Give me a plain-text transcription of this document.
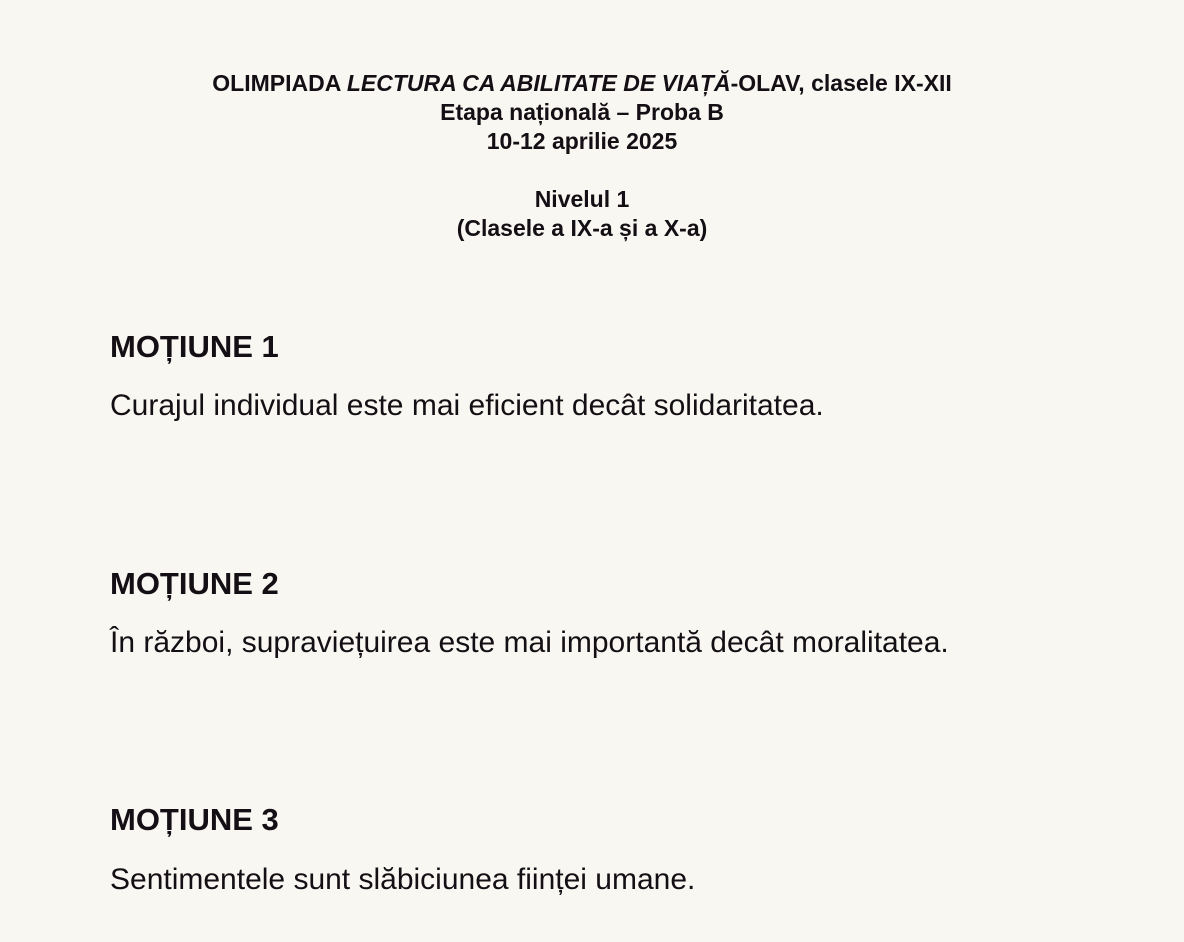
OLIMPIADA LECTURA CA ABILITATE DE VIAȚĂ-OLAV, clasele IX-XII
Etapa națională – Proba B
10-12 aprilie 2025
Nivelul 1
(Clasele a IX-a și a X-a)
MOȚIUNE 1
Curajul individual este mai eficient decât solidaritatea.
MOȚIUNE 2
În război, supraviețuirea este mai importantă decât moralitatea.
MOȚIUNE 3
Sentimentele sunt slăbiciunea ființei umane.
